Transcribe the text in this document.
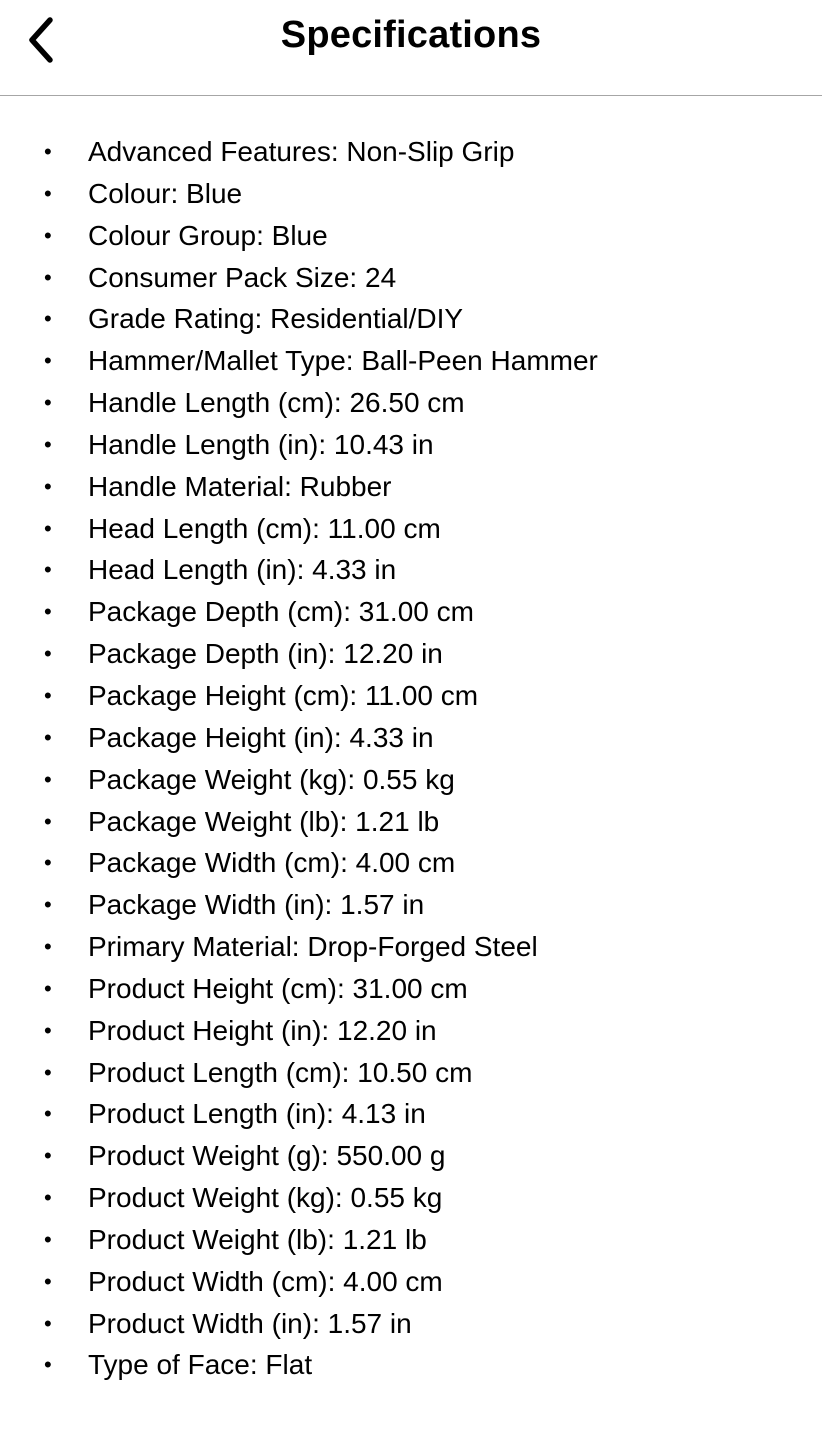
Specifications
• Advanced Features: Non-Slip Grip
• Colour: Blue
• Colour Group: Blue
• Consumer Pack Size: 24
• Grade Rating: Residential/DIY
• Hammer/Mallet Type: Ball-Peen Hammer
• Handle Length (cm): 26.50 cm
• Handle Length (in): 10.43 in
• Handle Material: Rubber
• Head Length (cm): 11.00 cm
• Head Length (in): 4.33 in
• Package Depth (cm): 31.00 cm
• Package Depth (in): 12.20 in
• Package Height (cm): 11.00 cm
• Package Height (in): 4.33 in
• Package Weight (kg): 0.55 kg
• Package Weight (lb): 1.21 lb
• Package Width (cm): 4.00 cm
• Package Width (in): 1.57 in
• Primary Material: Drop-Forged Steel
• Product Height (cm): 31.00 cm
• Product Height (in): 12.20 in
• Product Length (cm): 10.50 cm
• Product Length (in): 4.13 in
• Product Weight (g): 550.00 g
• Product Weight (kg): 0.55 kg
• Product Weight (lb): 1.21 lb
• Product Width (cm): 4.00 cm
• Product Width (in): 1.57 in
• Type of Face: Flat
